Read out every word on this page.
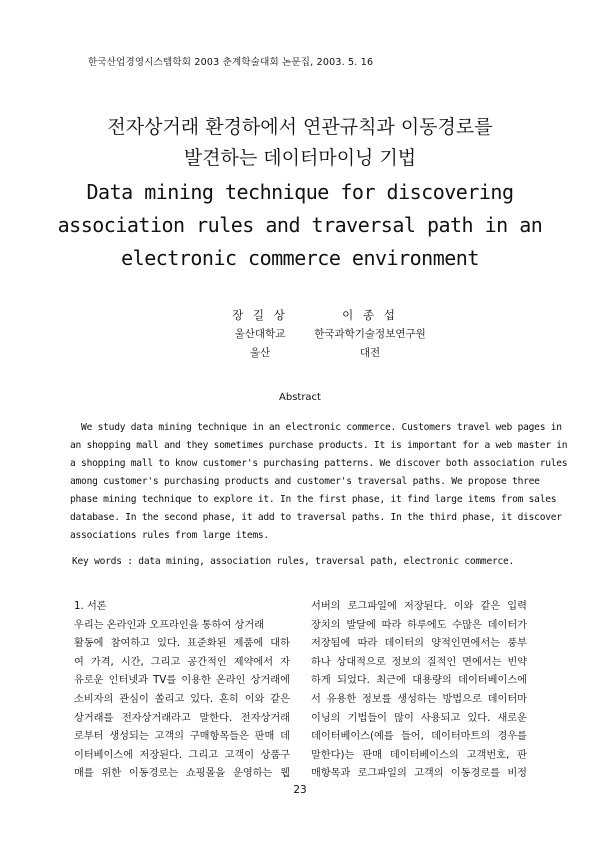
한국산업경영시스템학회 2003 춘계학술대회 논문집, 2003. 5. 16

전자상거래 환경하에서 연관규칙과 이동경로를

발견하는 데이터마이닝 기법

Data mining technique for discovering

association rules and traversal path in an

electronic commerce environment

장 길 상
울산대학교
울산
이 종 섭
한국과학기술정보연구원
대전
Abstract
We study data mining technique in an electronic commerce. Customers travel web pages in
an shopping mall and they sometimes purchase products. It is important for a web master in
a shopping mall to know customer's purchasing patterns. We discover both association rules
among customer's purchasing products and customer's traversal paths. We propose three
phase mining technique to explore it. In the first phase, it find large items from sales
database. In the second phase, it add to traversal paths. In the third phase, it discover
associations rules from large items.
Key words : data mining, association rules, traversal path, electronic commerce.
1. 서론
우리는 온라인과 오프라인을 통하여 상거래
활동에 참여하고 있다. 표준화된 제품에 대하
여 가격, 시간, 그리고 공간적인 제약에서 자
유로운 인터넷과 TV를 이용한 온라인 상거래에
소비자의 관심이 쏠리고 있다. 흔히 이와 같은
상거래를 전자상거래라고 말한다. 전자상거래
로부터 생성되는 고객의 구매항목들은 판매 데
이터베이스에 저장된다. 그리고 고객이 상품구
매를 위한 이동경로는 쇼핑몰을 운영하는 웹
서버의 로그파일에 저장된다. 이와 같은 입력
장치의 발달에 따라 하루에도 수많은 데이터가
저장됨에 따라 데이터의 양적인면에서는 풍부
하나 상대적으로 정보의 질적인 면에서는 빈약
하게 되었다. 최근에 대용량의 데이터베이스에
서 유용한 정보를 생성하는 방법으로 데이터마
이닝의 기법들이 많이 사용되고 있다. 새로운
데이터베이스(예를 들어, 데이터마트의 경우를
말한다)는 판매 데이터베이스의 고객번호, 판
매항목과 로그파일의 고객의 이동경로를 비정
23
